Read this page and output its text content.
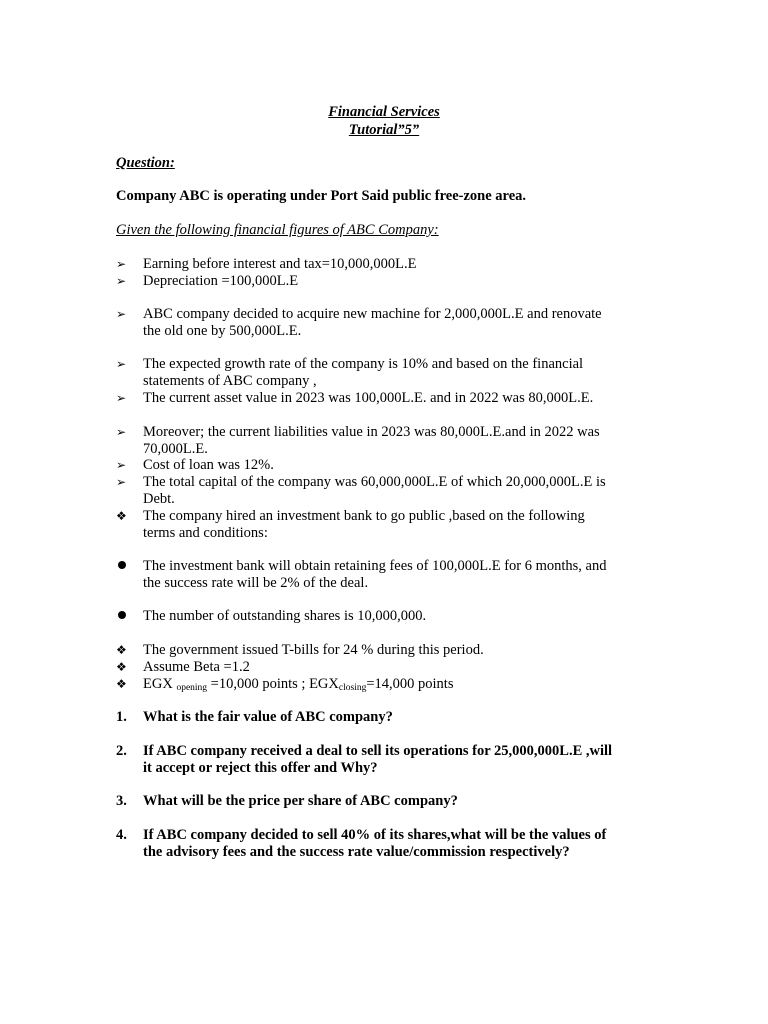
Financial Services
Tutorial”5”
Question:
Company ABC is operating under Port Said public free-zone area.
Given the following financial figures of ABC Company:
➢	Earning before interest and tax=10,000,000L.E
➢	Depreciation =100,000L.E
➢	ABC company decided to acquire new machine for 2,000,000L.E and renovate
the old one by 500,000L.E.
➢	The expected growth rate of the company is 10% and based on the financial
statements of ABC company ,
➢	The current asset value in 2023 was 100,000L.E. and in 2022 was 80,000L.E.
➢	Moreover; the current liabilities value in 2023 was 80,000L.E.and in 2022 was
70,000L.E.
➢	Cost of loan was 12%.
➢	The total capital of the company was 60,000,000L.E of which 20,000,000L.E is
Debt.
❖	The company hired an investment bank to go public ,based on the following
terms and conditions:
The investment bank will obtain retaining fees of 100,000L.E for 6 months, and
the success rate will be 2% of the deal.
The number of outstanding shares is 10,000,000.
❖	The government issued T-bills for 24 % during this period.
❖	Assume Beta =1.2
❖	EGX $_{opening}$ =10,000 points ; $EGX_{closing}=14,000$ points
1. What is the fair value of ABC company?
2. If ABC company received a deal to sell its operations for 25,000,000L.E ,will
it accept or reject this offer and Why?
3. What will be the price per share of ABC company?
4. If ABC company decided to sell 40% of its shares,what will be the values of
the advisory fees and the success rate value/commission respectively?
